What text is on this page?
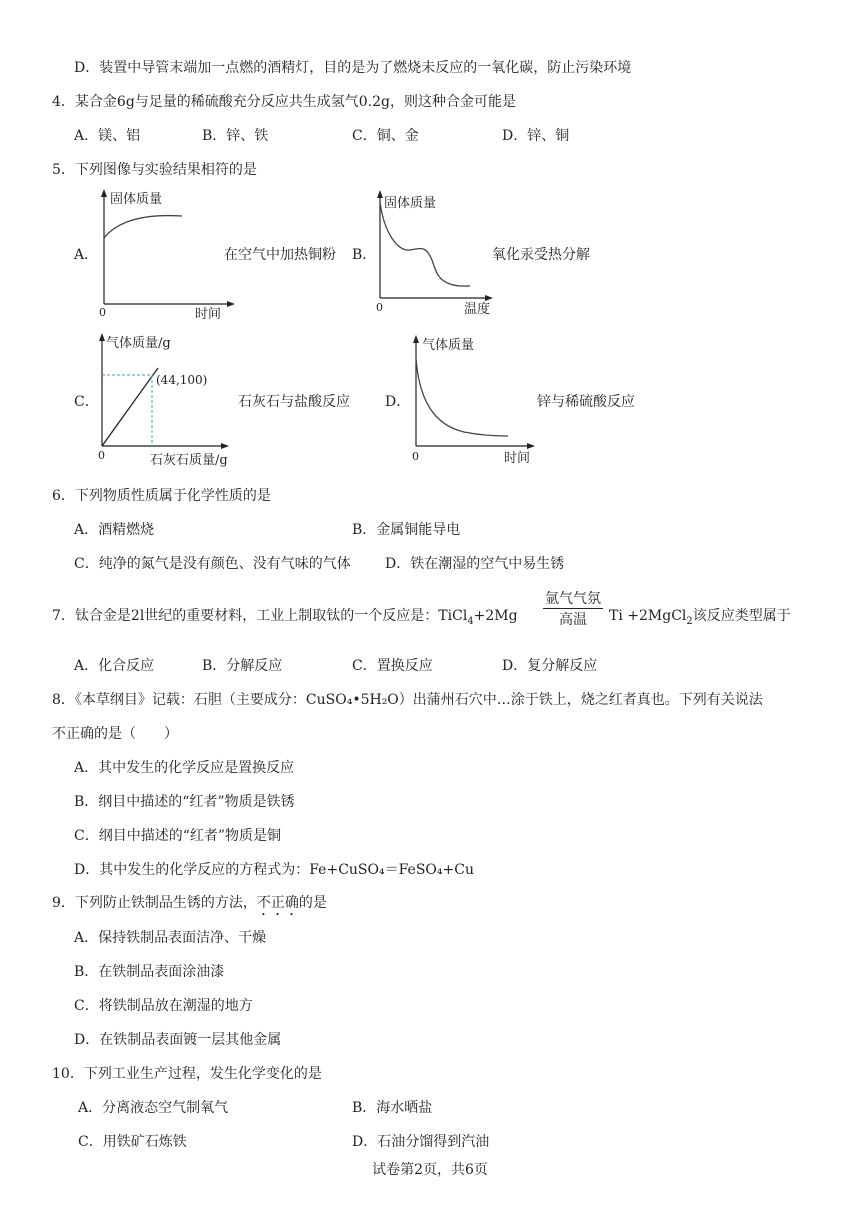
D．装置中导管末端加一点燃的酒精灯，目的是为了燃烧未反应的一氧化碳，防止污染环境
4．某合金6g与足量的稀硫酸充分反应共生成氢气0.2g，则这种合金可能是
A．镁、铝	B．锌、铁	C．铜、金	D．锌、铜
5．下列图像与实验结果相符的是
A．
固体质量
0	时间
在空气中加热铜粉 B．
固体质量
0	温度
氧化汞受热分解
C．
气体质量/g
(44,100)
0	石灰石质量/g
石灰石与盐酸反应	D．
气体质量
0	时间
锌与稀硫酸反应
6．下列物质性质属于化学性质的是
A．酒精燃烧	B．金属铜能导电
C．纯净的氮气是没有颜色、没有气味的气体 D．铁在潮湿的空气中易生锈
7．钛合金是2l世纪的重要材料，工业上制取钛的一个反应是：TiCl$_4$+2Mg
氩气气氛
高温	Ti +2MgCl$_2$该反应类型属于
A．化合反应	B．分解反应	C．置换反应	D．复分解反应
8．《本草纲目》记载：石胆（主要成分：CuSO₄•5H₂O）出蒲州石穴中…涂于铁上，烧之红者真也。下列有关说法
不正确的是（　　）
A．其中发生的化学反应是置换反应
B．纲目中描述的“红者”物质是铁锈
C．纲目中描述的“红者”物质是铜
D．其中发生的化学反应的方程式为：Fe+CuSO₄＝FeSO₄+Cu
9．下列防止铁制品生锈的方法，不正确的是
A．保持铁制品表面洁净、干燥
B．在铁制品表面涂油漆
C．将铁制品放在潮湿的地方
D．在铁制品表面镀一层其他金属
10．下列工业生产过程，发生化学变化的是
A．分离液态空气制氧气	B．海水晒盐
C．用铁矿石炼铁	D．石油分馏得到汽油
试卷第2页，共6页
